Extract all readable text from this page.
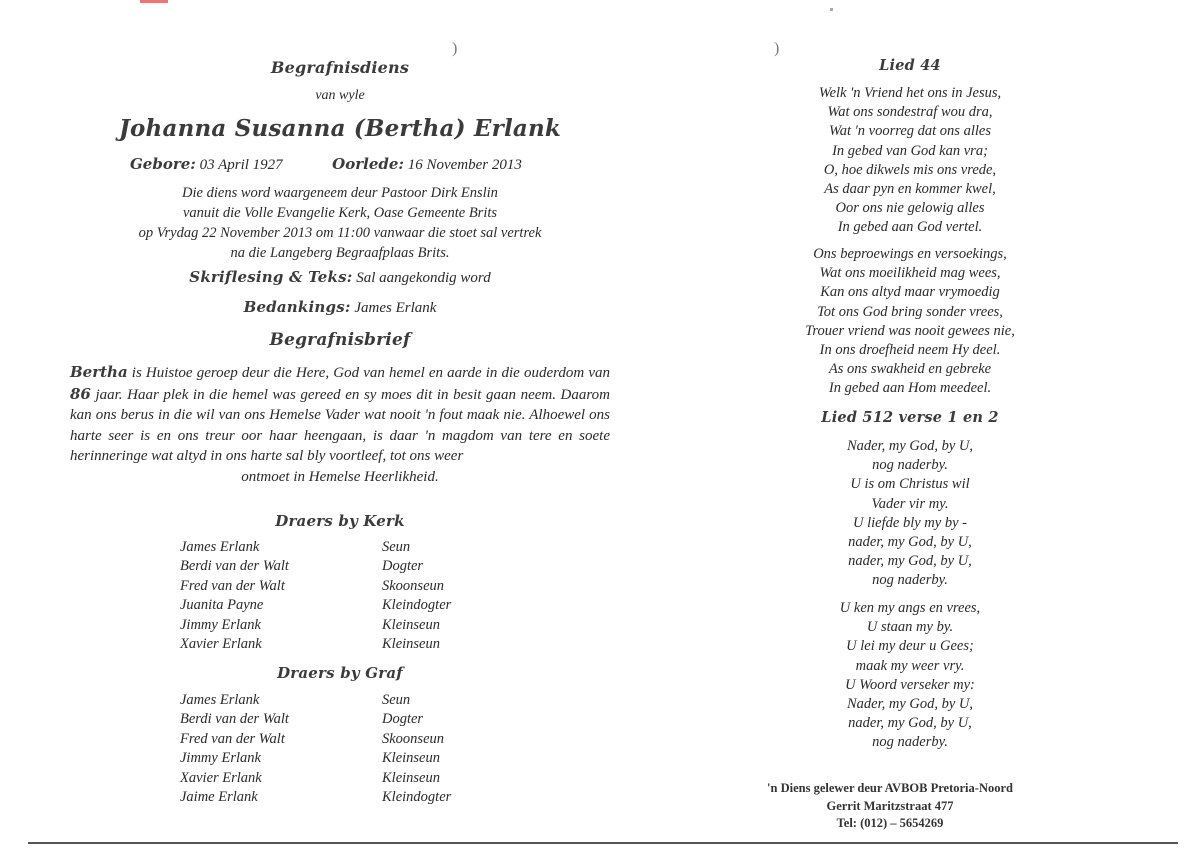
)	)
Begrafnisdiens
van wyle
Johanna Susanna (Bertha) Erlank
Gebore: 03 April 1927	Oorlede: 16 November 2013
Die diens word waargeneem deur Pastoor Dirk Enslin
vanuit die Volle Evangelie Kerk, Oase Gemeente Brits
op Vrydag 22 November 2013 om 11:00 vanwaar die stoet sal vertrek
na die Langeberg Begraafplaas Brits.
Skriflesing & Teks: Sal aangekondig word
Bedankings: James Erlank
Begrafnisbrief
Bertha is Huistoe geroep deur die Here, God van hemel en aarde in die ouderdom van 86 jaar. Haar plek in die hemel was gereed en sy moes dit in besit gaan neem. Daarom kan ons berus in die wil van ons Hemelse Vader wat nooit 'n fout maak nie. Alhoewel ons harte seer is en ons treur oor haar heengaan, is daar 'n magdom van tere en soete herinneringe wat altyd in ons harte sal bly voortleef, tot ons weer
ontmoet in Hemelse Heerlikheid.
Draers by Kerk
James Erlank	Seun
Berdi van der Walt	Dogter
Fred van der Walt	Skoonseun
Juanita Payne	Kleindogter
Jimmy Erlank	Kleinseun
Xavier Erlank	Kleinseun
Draers by Graf
James Erlank	Seun
Berdi van der Walt	Dogter
Fred van der Walt	Skoonseun
Jimmy Erlank	Kleinseun
Xavier Erlank	Kleinseun
Jaime Erlank	Kleindogter
Lied 44
Welk 'n Vriend het ons in Jesus,
Wat ons sondestraf wou dra,
Wat 'n voorreg dat ons alles
In gebed van God kan vra;
O, hoe dikwels mis ons vrede,
As daar pyn en kommer kwel,
Oor ons nie gelowig alles
In gebed aan God vertel.
Ons beproewings en versoekings,
Wat ons moeilikheid mag wees,
Kan ons altyd maar vrymoedig
Tot ons God bring sonder vrees,
Trouer vriend was nooit gewees nie,
In ons droefheid neem Hy deel.
As ons swakheid en gebreke
In gebed aan Hom meedeel.
Lied 512 verse 1 en 2
Nader, my God, by U,
nog naderby.
U is om Christus wil
Vader vir my.
U liefde bly my by -
nader, my God, by U,
nader, my God, by U,
nog naderby.
U ken my angs en vrees,
U staan my by.
U lei my deur u Gees;
maak my weer vry.
U Woord verseker my:
Nader, my God, by U,
nader, my God, by U,
nog naderby.
'n Diens gelewer deur AVBOB Pretoria-Noord
Gerrit Maritzstraat 477
Tel: (012) – 5654269
